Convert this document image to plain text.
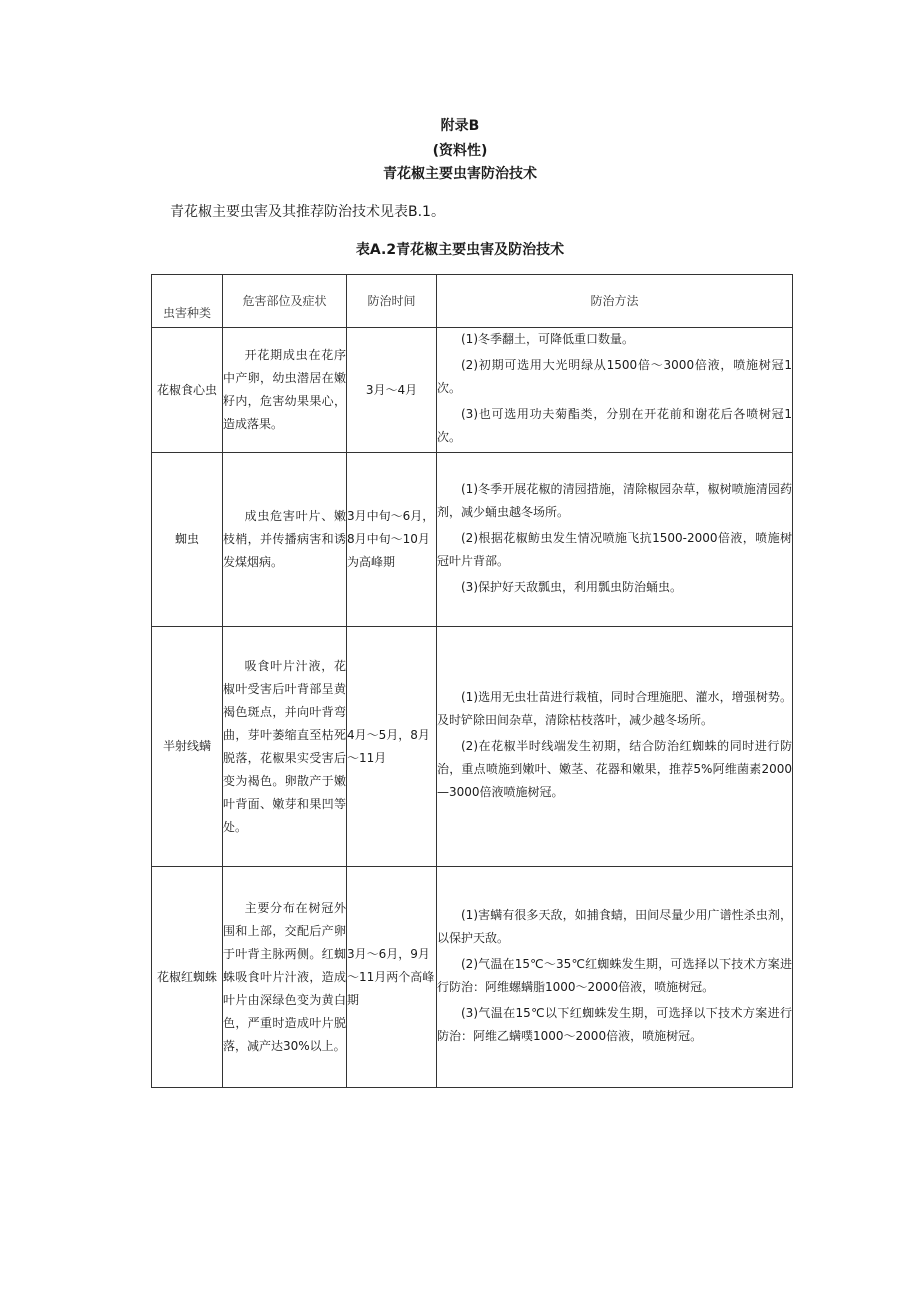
附录B

(资料性)

青花椒主要虫害防治技术

青花椒主要虫害及其推荐防治技术见表B.1。

表A.2青花椒主要虫害及防治技术

虫害种类	危害部位及症状	防治时间	防治方法
花椒食心虫	开花期成虫在花序中产卵，幼虫潜居在嫩籽内，危害幼果果心，造成落果。	3月～4月	(1)冬季翻土，可降低重口数量。

(2)初期可选用大光明绿从1500倍～3000倍液，喷施树冠1次。

(3)也可选用功夫菊酯类，分别在开花前和谢花后各喷树冠1次。

蜘虫	成虫危害叶片、嫩枝梢，并传播病害和诱发煤烟病。	3月中旬～6月，8月中旬～10月为高峰期	(1)冬季开展花椒的清园措施，清除椒园杂草，椒树喷施清园药剂，减少蛹虫越冬场所。

(2)根据花椒鲂虫发生情况喷施飞抗1500-2000倍液，喷施树冠叶片背部。

(3)保护好天敌瓢虫，利用瓢虫防治蛹虫。

半射线螨	吸食叶片汁液，花椒叶受害后叶背部呈黄褐色斑点，并向叶背弯曲，芽叶萎缩直至枯死脱落，花椒果实受害后变为褐色。卵散产于嫩叶背面、嫩芽和果凹等处。	4月～5月，8月～11月	(1)选用无虫壮苗进行栽植，同时合理施肥、灌水，增强树势。及时铲除田间杂草，清除枯枝落叶，减少越冬场所。

(2)在花椒半时线端发生初期，结合防治红蜘蛛的同时进行防治，重点喷施到嫩叶、嫩茎、花器和嫩果，推荐5%阿维菌素2000—3000倍液喷施树冠。

花椒红蜘蛛	主要分布在树冠外围和上部，交配后产卵于叶背主脉两侧。红蜘蛛吸食叶片汁液，造成叶片由深绿色变为黄白色，严重时造成叶片脱落，减产达30%以上。	3月～6月，9月～11月两个高峰期	(1)害螨有很多天敌，如捕食蜻，田间尽量少用广谱性杀虫剂，以保护天敌。

(2)气温在15℃～35℃红蜘蛛发生期，可选择以下技术方案进行防治：阿维螺螨脂1000～2000倍液，喷施树冠。

(3)气温在15℃以下红蜘蛛发生期，可选择以下技术方案进行防治：阿维乙螨噗1000～2000倍液，喷施树冠。
